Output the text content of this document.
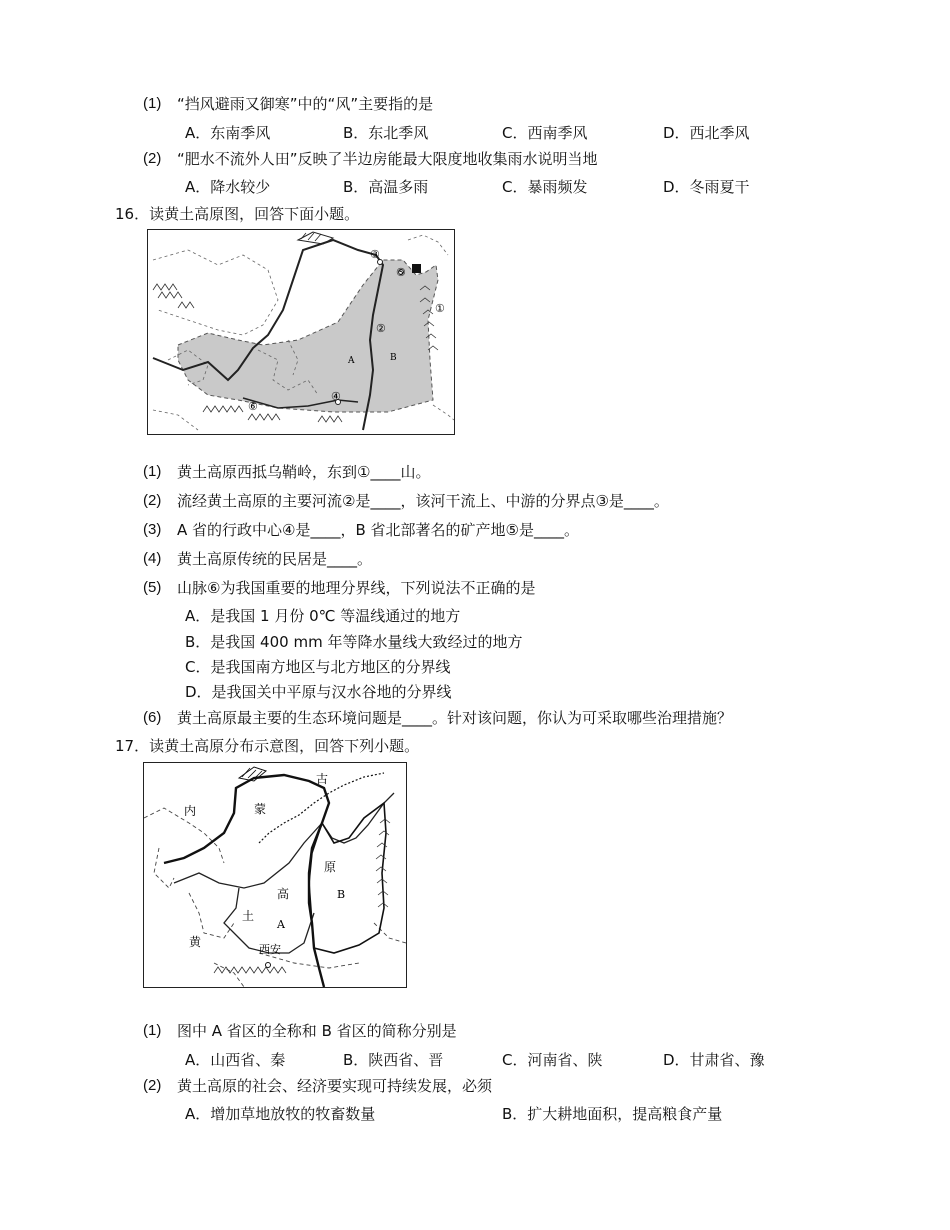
(1) “挡风避雨又御寒”中的“风”主要指的是
A．东南季风	B．东北季风	C．西南季风	D．西北季风
(2) “肥水不流外人田”反映了半边房能最大限度地收集雨水说明当地
A．降水较少	B．高温多雨	C．暴雨频发	D．冬雨夏干
16．读黄土高原图，回答下面小题。
③
⑤
①
②
④
⑥
A	B
(1) 黄土高原西抵乌鞘岭，东到①____山。
(2) 流经黄土高原的主要河流②是____，该河干流上、中游的分界点③是____。
(3) A 省的行政中心④是____，B 省北部著名的矿产地⑤是____。
(4) 黄土高原传统的民居是____。
(5) 山脉⑥为我国重要的地理分界线，下列说法不正确的是
A．是我国 1 月份 0℃ 等温线通过的地方
B．是我国 400 mm 年等降水量线大致经过的地方
C．是我国南方地区与北方地区的分界线
D．是我国关中平原与汉水谷地的分界线
(6) 黄土高原最主要的生态环境问题是____。针对该问题，你认为可采取哪些治理措施？
17．读黄土高原分布示意图，回答下列小题。
古
内	蒙
原
B
高
土
A
黄
西安
(1) 图中 A 省区的全称和 B 省区的简称分别是
A．山西省、秦	B．陕西省、晋	C．河南省、陕	D．甘肃省、豫
(2) 黄土高原的社会、经济要实现可持续发展，必须
A．增加草地放牧的牧畜数量	B．扩大耕地面积，提高粮食产量
